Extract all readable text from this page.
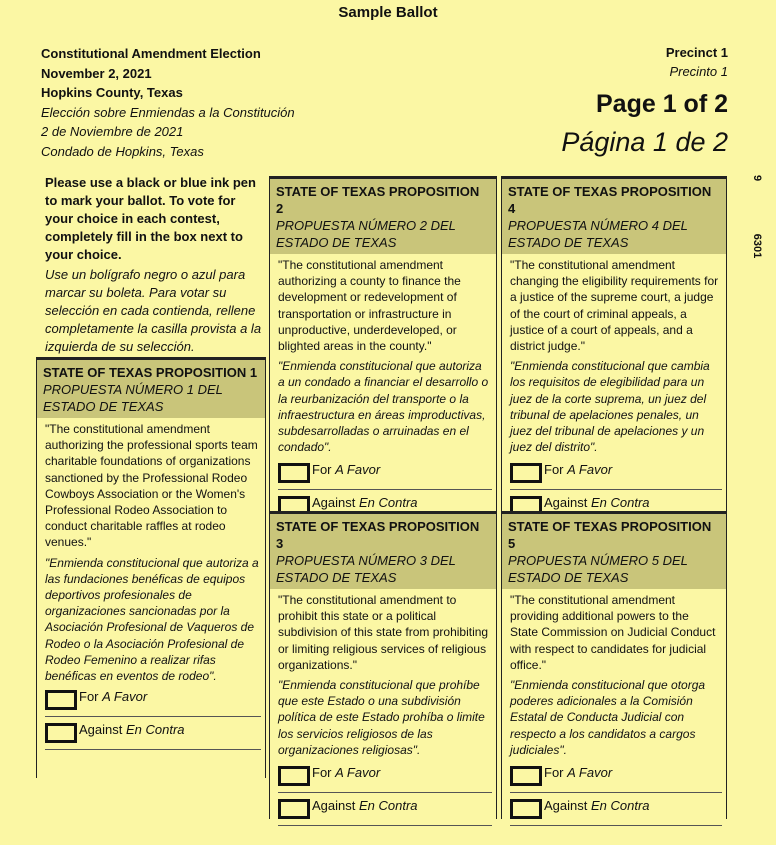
Sample Ballot
Constitutional Amendment Election
November 2, 2021
Hopkins County, Texas
Elección sobre Enmiendas a la Constitución
2 de Noviembre de 2021
Condado de Hopkins, Texas
Precinct 1
Precinto 1
Page 1 of 2
Página 1 de 2
9
6301
Please use a black or blue ink pen to mark your ballot. To vote for your choice in each contest, completely fill in the box next to your choice.
Use un bolígrafo negro o azul para marcar su boleta. Para votar su selección en cada contienda, rellene completamente la casilla provista a la izquierda de su selección.
STATE OF TEXAS PROPOSITION 1
PROPUESTA NÚMERO 1 DEL ESTADO DE TEXAS
"The constitutional amendment authorizing the professional sports team charitable foundations of organizations sanctioned by the Professional Rodeo Cowboys Association or the Women's Professional Rodeo Association to conduct charitable raffles at rodeo venues."
"Enmienda constitucional que autoriza a las fundaciones benéficas de equipos deportivos profesionales de organizaciones sancionadas por la Asociación Profesional de Vaqueros de Rodeo o la Asociación Profesional de Rodeo Femenino a realizar rifas benéficas en eventos de rodeo".
For A Favor
Against En Contra
STATE OF TEXAS PROPOSITION 2
PROPUESTA NÚMERO 2 DEL ESTADO DE TEXAS
"The constitutional amendment authorizing a county to finance the development or redevelopment of transportation or infrastructure in unproductive, underdeveloped, or blighted areas in the county."
"Enmienda constitucional que autoriza a un condado a financiar el desarrollo o la reurbanización del transporte o la infraestructura en áreas improductivas, subdesarrolladas o arruinadas en el condado".
For A Favor
Against En Contra
STATE OF TEXAS PROPOSITION 3
PROPUESTA NÚMERO 3 DEL ESTADO DE TEXAS
"The constitutional amendment to prohibit this state or a political subdivision of this state from prohibiting or limiting religious services of religious organizations."
"Enmienda constitucional que prohíbe que este Estado o una subdivisión política de este Estado prohíba o limite los servicios religiosos de las organizaciones religiosas".
For A Favor
Against En Contra
STATE OF TEXAS PROPOSITION 4
PROPUESTA NÚMERO 4 DEL ESTADO DE TEXAS
"The constitutional amendment changing the eligibility requirements for a justice of the supreme court, a judge of the court of criminal appeals, a justice of a court of appeals, and a district judge."
"Enmienda constitucional que cambia los requisitos de elegibilidad para un juez de la corte suprema, un juez del tribunal de apelaciones penales, un juez del tribunal de apelaciones y un juez del distrito".
For A Favor
Against En Contra
STATE OF TEXAS PROPOSITION 5
PROPUESTA NÚMERO 5 DEL ESTADO DE TEXAS
"The constitutional amendment providing additional powers to the State Commission on Judicial Conduct with respect to candidates for judicial office."
"Enmienda constitucional que otorga poderes adicionales a la Comisión Estatal de Conducta Judicial con respecto a los candidatos a cargos judiciales".
For A Favor
Against En Contra
